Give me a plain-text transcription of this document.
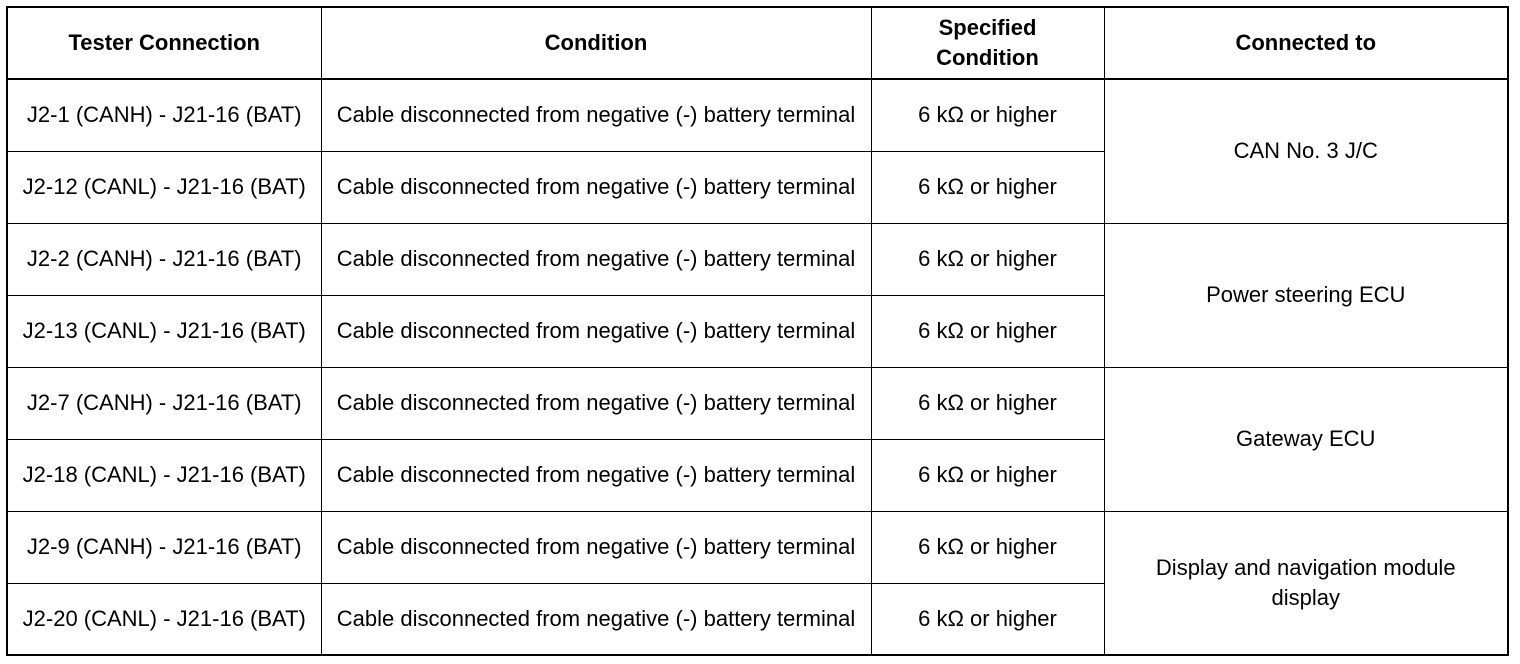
Tester Connection	Condition	Specified Condition	Connected to
J2-1 (CANH) - J21-16 (BAT)	Cable disconnected from negative (-) battery terminal	6 kΩ or higher	CAN No. 3 J/C
J2-12 (CANL) - J21-16 (BAT)	Cable disconnected from negative (-) battery terminal	6 kΩ or higher	
J2-2 (CANH) - J21-16 (BAT)	Cable disconnected from negative (-) battery terminal	6 kΩ or higher	Power steering ECU
J2-13 (CANL) - J21-16 (BAT)	Cable disconnected from negative (-) battery terminal	6 kΩ or higher	
J2-7 (CANH) - J21-16 (BAT)	Cable disconnected from negative (-) battery terminal	6 kΩ or higher	Gateway ECU
J2-18 (CANL) - J21-16 (BAT)	Cable disconnected from negative (-) battery terminal	6 kΩ or higher	
J2-9 (CANH) - J21-16 (BAT)	Cable disconnected from negative (-) battery terminal	6 kΩ or higher	Display and navigation module display
J2-20 (CANL) - J21-16 (BAT)	Cable disconnected from negative (-) battery terminal	6 kΩ or higher	
